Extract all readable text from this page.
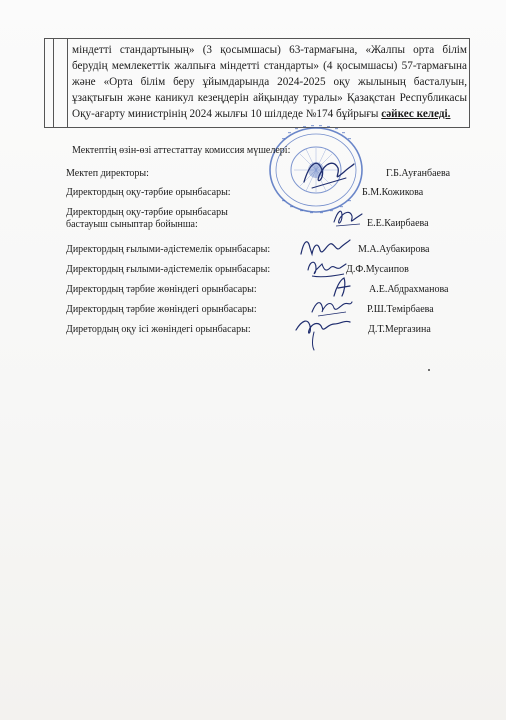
міндетті стандартының» (3 қосымшасы) 63-тармағына, «Жалпы орта білім берудің мемлекеттік жалпыға міндетті стандарты» (4 қосымшасы) 57-тармағына және «Орта білім беру ұйымдарында 2024-2025 оқу жылының басталуын, ұзақтығын және каникул кезеңдерін айқындау туралы» Қазақстан Республикасы Оқу-ағарту министрінің 2024 жылғы 10 шілдеде №174 бұйрығы сәйкес келеді.
Мектептің өзін-өзі аттестаттау комиссия мүшелері:
Мектеп директоры:	Г.Б.Ауғанбаева
Директордың оқу-тәрбие орынбасары:	Б.М.Кожикова
Директордың оқу-тәрбие орынбасары
бастауыш сыныптар бойынша:	Е.Е.Каирбаева
Директордың ғылыми-әдістемелік орынбасары:	М.А.Аубакирова
Директордың ғылыми-әдістемелік орынбасары:	Д.Ф.Мусаипов
Директордың тәрбие жөніндегі орынбасары:	А.Е.Абдрахманова
Директордың тәрбие жөніндегі орынбасары:	Р.Ш.Темірбаева
Диретордың оқу ісі жөніндегі орынбасары:	Д.Т.Мергазина
